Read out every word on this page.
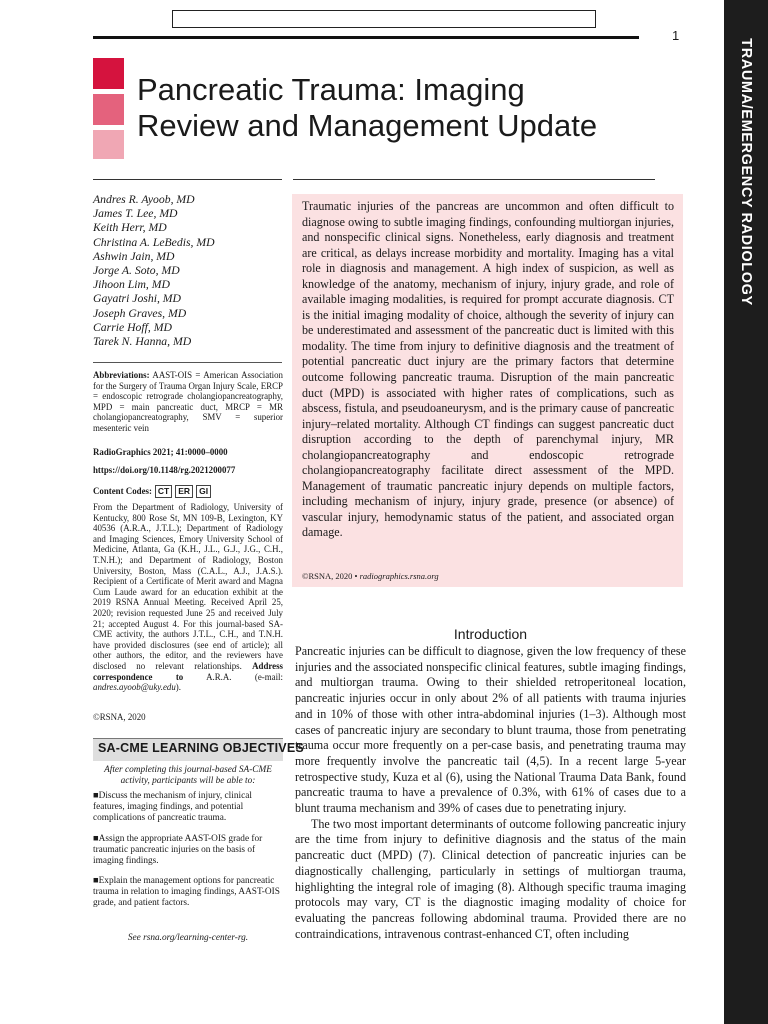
TRAUMA/EMERGENCY RADIOLOGY
1
Pancreatic Trauma: Imaging
Review and Management Update
Andres R. Ayoob, MD
James T. Lee, MD
Keith Herr, MD
Christina A. LeBedis, MD
Ashwin Jain, MD
Jorge A. Soto, MD
Jihoon Lim, MD
Gayatri Joshi, MD
Joseph Graves, MD
Carrie Hoff, MD
Tarek N. Hanna, MD
Abbreviations: AAST-OIS = American Association for the Surgery of Trauma Organ Injury Scale, ERCP = endoscopic retrograde cholangiopancreatography, MPD = main pancreatic duct, MRCP = MR cholangiopancreatography, SMV = superior mesenteric vein
RadioGraphics 2021; 41:0000–0000
https://doi.org/10.1148/rg.2021200077
Content Codes: CT	ER	GI
From the Department of Radiology, University of Kentucky, 800 Rose St, MN 109-B, Lexington, KY 40536 (A.R.A., J.T.L.); Department of Radiology and Imaging Sciences, Emory University School of Medicine, Atlanta, Ga (K.H., J.L., G.J., J.G., C.H., T.N.H.); and Department of Radiology, Boston University, Boston, Mass (C.A.L., A.J., J.A.S.). Recipient of a Certificate of Merit award and Magna Cum Laude award for an education exhibit at the 2019 RSNA Annual Meeting. Received April 25, 2020; revision requested June 25 and received July 21; accepted August 4. For this journal-based SA-CME activity, the authors J.T.L., C.H., and T.N.H. have provided disclosures (see end of article); all other authors, the editor, and the reviewers have disclosed no relevant relationships. Address correspondence to A.R.A. (e-mail: andres.ayoob@uky.edu).
©RSNA, 2020
SA-CME LEARNING OBJECTIVES
After completing this journal-based SA-CME activity, participants will be able to:
■Discuss the mechanism of injury, clinical features, imaging findings, and potential complications of pancreatic trauma.
■Assign the appropriate AAST-OIS grade for traumatic pancreatic injuries on the basis of imaging findings.
■Explain the management options for pancreatic trauma in relation to imaging findings, AAST-OIS grade, and patient factors.
See rsna.org/learning-center-rg.
Traumatic injuries of the pancreas are uncommon and often difficult to diagnose owing to subtle imaging findings, confounding multiorgan injuries, and nonspecific clinical signs. Nonetheless, early diagnosis and treatment are critical, as delays increase morbidity and mortality. Imaging has a vital role in diagnosis and management. A high index of suspicion, as well as knowledge of the anatomy, mechanism of injury, injury grade, and role of available imaging modalities, is required for prompt accurate diagnosis. CT is the initial imaging modality of choice, although the severity of injury can be underestimated and assessment of the pancreatic duct is limited with this modality. The time from injury to definitive diagnosis and the treatment of potential pancreatic duct injury are the primary factors that determine outcome following pancreatic trauma. Disruption of the main pancreatic duct (MPD) is associated with higher rates of complications, such as abscess, fistula, and pseudoaneurysm, and is the primary cause of pancreatic injury–related mortality. Although CT findings can suggest pancreatic duct disruption according to the depth of parenchymal injury, MR cholangiopancreatography and endoscopic retrograde cholangiopancreatography facilitate direct assessment of the MPD. Management of traumatic pancreatic injury depends on multiple factors, including mechanism of injury, injury grade, presence (or absence) of vascular injury, hemodynamic status of the patient, and associated organ damage.
©RSNA, 2020 • radiographics.rsna.org
Introduction

Pancreatic injuries can be difficult to diagnose, given the low frequency of these injuries and the associated nonspecific clinical features, subtle imaging findings, and multiorgan trauma. Owing to their shielded retroperitoneal location, pancreatic injuries occur in only about 2% of all patients with trauma injuries and in 10% of those with other intra-abdominal injuries (1–3). Although most cases of pancreatic injury are secondary to blunt trauma, those from penetrating trauma occur more frequently on a per-case basis, and penetrating trauma may more frequently involve the pancreatic tail (4,5). In a recent large 5-year retrospective study, Kuza et al (6), using the National Trauma Data Bank, found pancreatic trauma to have a prevalence of 0.3%, with 61% of cases due to a blunt trauma mechanism and 39% of cases due to penetrating injury.

The two most important determinants of outcome following pancreatic injury are the time from injury to definitive diagnosis and the status of the main pancreatic duct (MPD) (7). Clinical detection of pancreatic injuries can be diagnostically challenging, particularly in settings of multiorgan trauma, highlighting the integral role of imaging (8). Although specific trauma imaging protocols may vary, CT is the diagnostic imaging modality of choice for evaluating the pancreas following abdominal trauma. Provided there are no contraindications, intravenous contrast-enhanced CT, often including
